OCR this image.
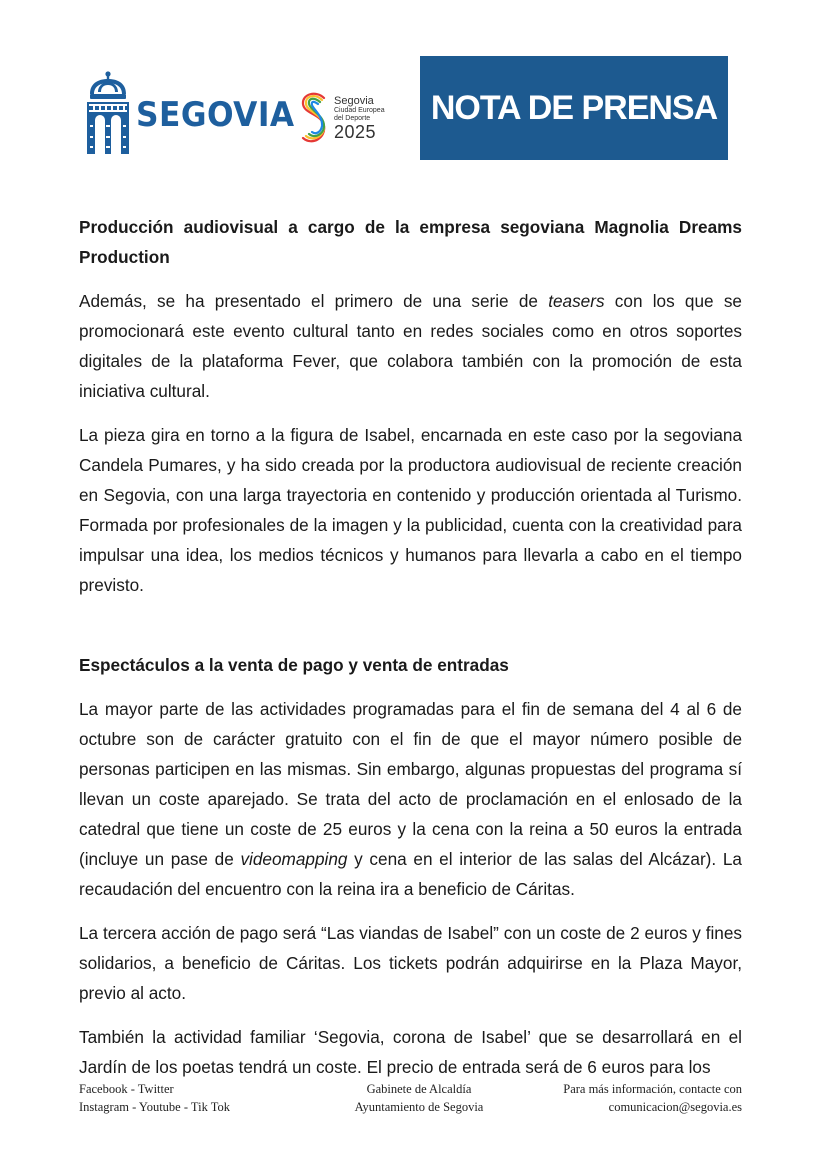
SEGOVIA	Segovia
Ciudad Europea
del Deporte
2025
NOTA DE PRENSA
Producción audiovisual a cargo de la empresa segoviana Magnolia Dreams Production

Además, se ha presentado el primero de una serie de teasers con los que se promocionará este evento cultural tanto en redes sociales como en otros soportes digitales de la plataforma Fever, que colabora también con la promoción de esta iniciativa cultural.

La pieza gira en torno a la figura de Isabel, encarnada en este caso por la segoviana Candela Pumares, y ha sido creada por la productora audiovisual de reciente creación en Segovia, con una larga trayectoria en contenido y producción orientada al Turismo. Formada por profesionales de la imagen y la publicidad, cuenta con la creatividad para impulsar una idea, los medios técnicos y humanos para llevarla a cabo en el tiempo previsto.

Espectáculos a la venta de pago y venta de entradas

La mayor parte de las actividades programadas para el fin de semana del 4 al 6 de octubre son de carácter gratuito con el fin de que el mayor número posible de personas participen en las mismas. Sin embargo, algunas propuestas del programa sí llevan un coste aparejado. Se trata del acto de proclamación en el enlosado de la catedral que tiene un coste de 25 euros y la cena con la reina a 50 euros la entrada (incluye un pase de videomapping y cena en el interior de las salas del Alcázar). La recaudación del encuentro con la reina ira a beneficio de Cáritas.

La tercera acción de pago será “Las viandas de Isabel” con un coste de 2 euros y fines solidarios, a beneficio de Cáritas. Los tickets podrán adquirirse en la Plaza Mayor, previo al acto.

También la actividad familiar ‘Segovia, corona de Isabel’ que se desarrollará en el Jardín de los poetas tendrá un coste. El precio de entrada será de 6 euros para los

Facebook - Twitter
Instagram - Youtube - Tik Tok
Gabinete de Alcaldía
Ayuntamiento de Segovia
Para más información, contacte con
comunicacion@segovia.es
